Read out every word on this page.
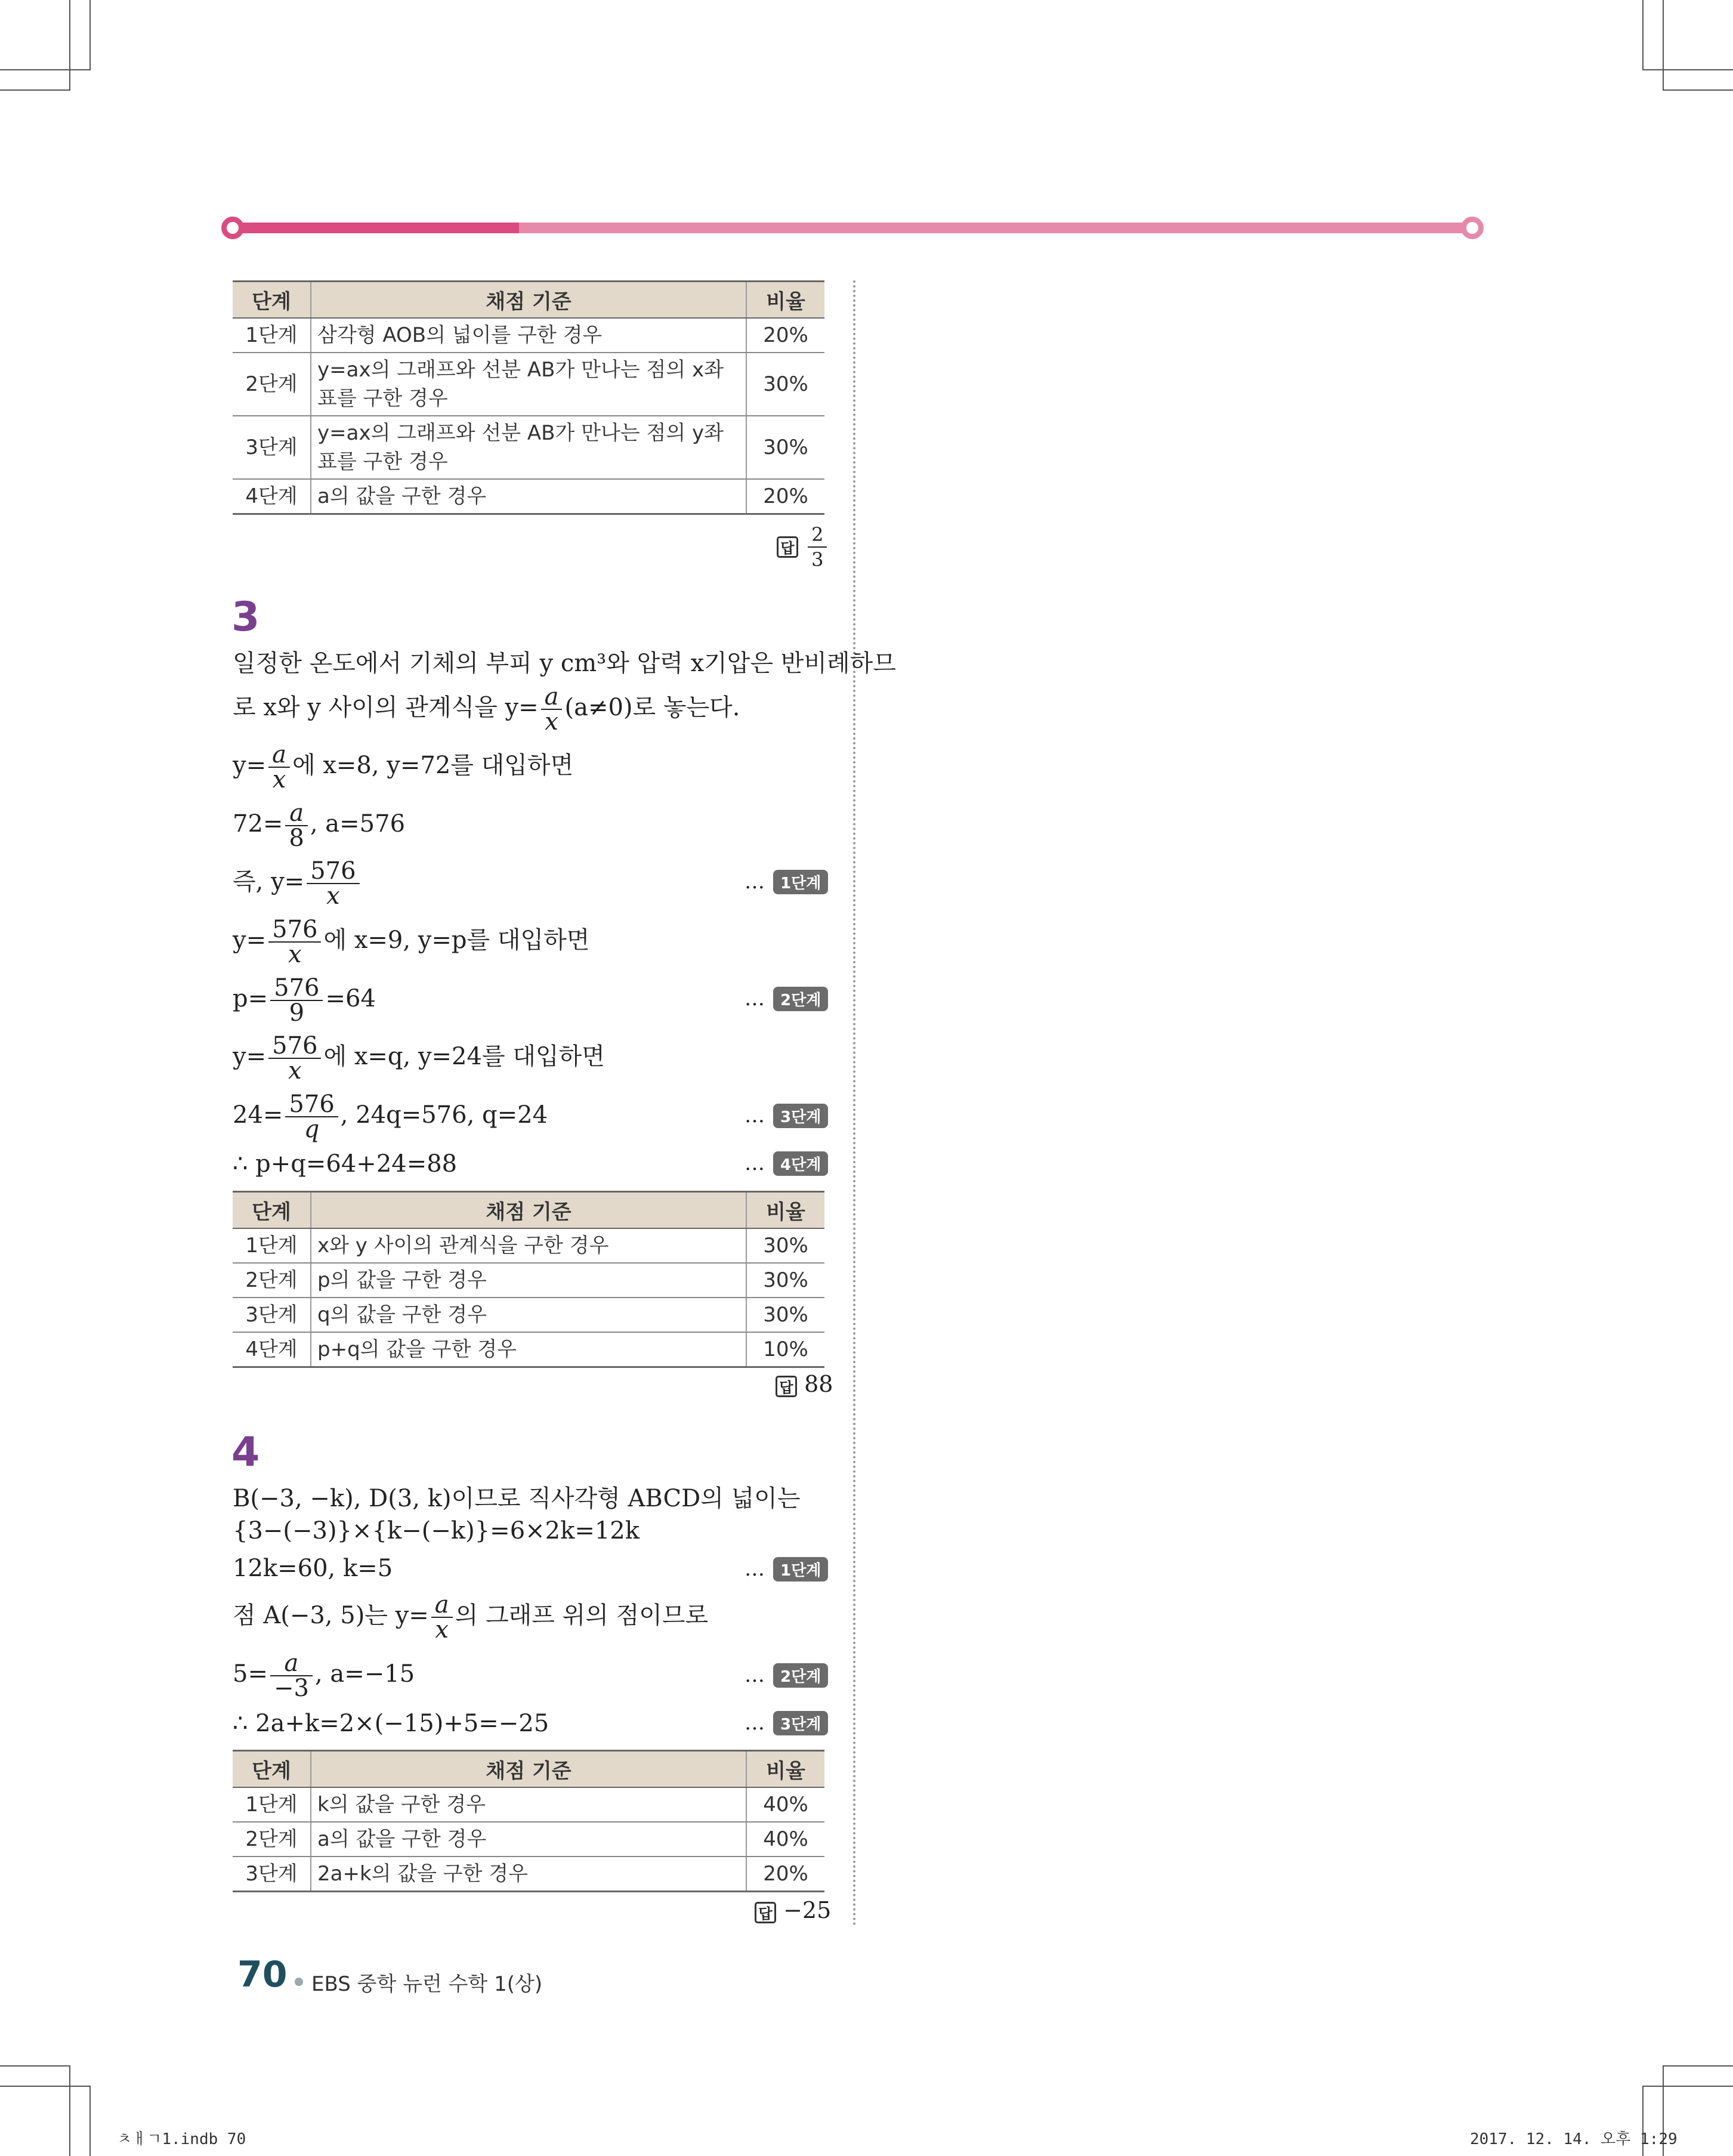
단계	채점 기준	비율
1단계	삼각형 AOB의 넓이를 구한 경우	20%
2단계	y=ax의 그래프와 선분 AB가 만나는 점의 x좌표를 구한 경우	30%
3단계	y=ax의 그래프와 선분 AB가 만나는 점의 y좌표를 구한 경우	30%
4단계	a의 값을 구한 경우	20%
답 $\frac{2}{3}$
3
일정한 온도에서 기체의 부피 y cm³와 압력 x기압은 반비례하므
로 x와 y 사이의 관계식을 $y= \frac{a}{x} (a\ne 0)$로 놓는다.
$y= \frac{a}{x}$ 에 x=8, y=72를 대입하면
$72= \frac{a}{8}$ , a=576
즉, $y= \frac{576}{x}$	… 1단계
$y= \frac{576}{x}$ 에 x=9, y=p를 대입하면
$p= \frac{576}{9} =64$	… 2단계
$y= \frac{576}{x}$ 에 x=q, y=24를 대입하면
$24= \frac{576}{q}$ , 24q=576, q=24	… 3단계
∴ p+q=64+24=88	… 4단계
단계	채점 기준	비율
1단계	x와 y 사이의 관계식을 구한 경우	30%
2단계	p의 값을 구한 경우	30%
3단계	q의 값을 구한 경우	30%
4단계	p+q의 값을 구한 경우	10%
답 88
4
B(−3, −k), D(3, k)이므로 직사각형 ABCD의 넓이는
{3−(−3)}×{k−(−k)}=6×2k=12k
12k=60, k=5	… 1단계
점 A(−3, 5)는 $y= \frac{a}{x}$ 의 그래프 위의 점이므로
$5= \frac{a}{-3}$ , a=−15	… 2단계
∴ 2a+k=2×(−15)+5=−25	… 3단계
단계	채점 기준	비율
1단계	k의 값을 구한 경우	40%
2단계	a의 값을 구한 경우	40%
3단계	2a+k의 값을 구한 경우	20%
답 −25
70 EBS 중학 뉴런 수학 1(상)
ㅊㅐㄱ1.indb 70	2017. 12. 14. 오후 1:29
